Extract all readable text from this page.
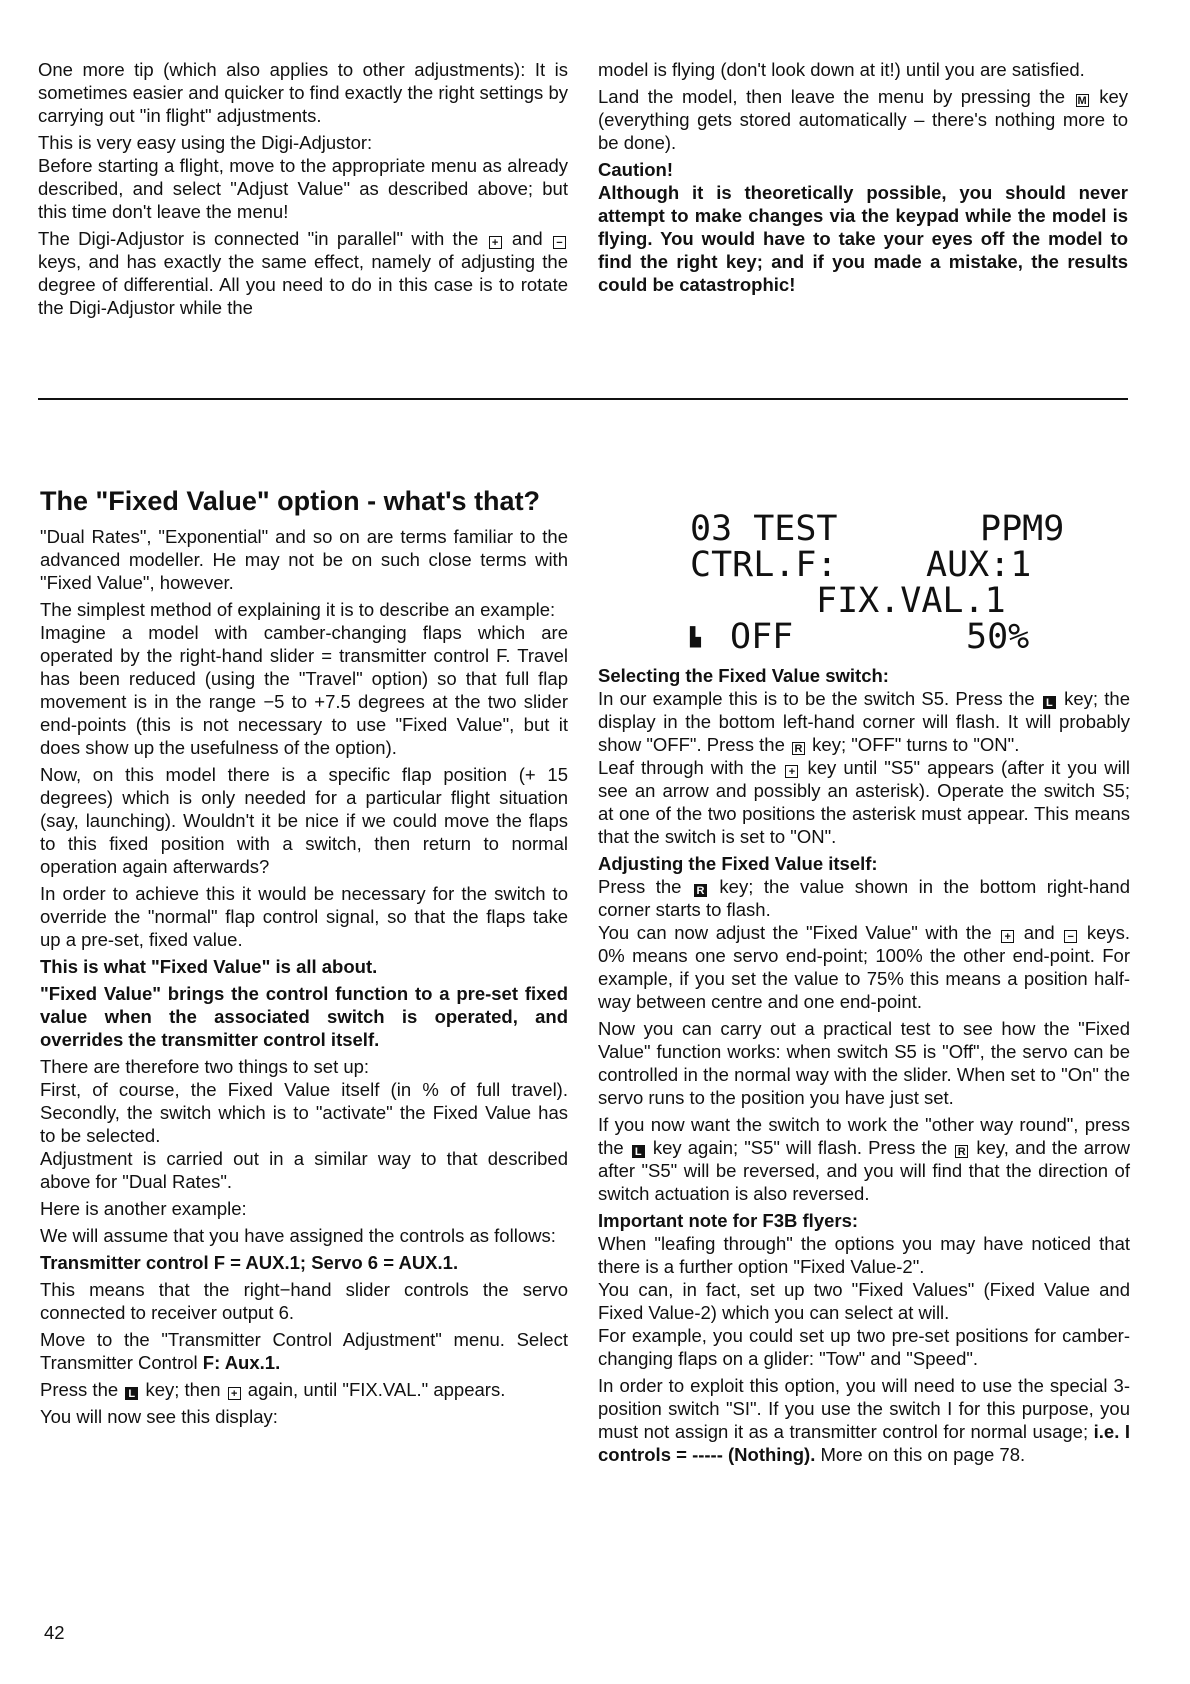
One more tip (which also applies to other adjustments): It is sometimes easier and quicker to find exactly the right settings by carrying out "in flight" adjustments.

This is very easy using the Digi-Adjustor:

Before starting a flight, move to the appropriate menu as already described, and select "Adjust Value" as described above; but this time don't leave the menu!

The Digi-Adjustor is connected "in parallel" with the + and − keys, and has exactly the same effect, namely of adjusting the degree of differential. All you need to do in this case is to rotate the Digi-Adjustor while the

model is flying (don't look down at it!) until you are satisfied.

Land the model, then leave the menu by pressing the M key (everything gets stored automatically – there's nothing more to be done).

Caution!

Although it is theoretically possible, you should never attempt to make changes via the keypad while the model is flying. You would have to take your eyes off the model to find the right key; and if you made a mistake, the results could be catastrophic!

The "Fixed Value" option - what's that?

"Dual Rates", "Exponential" and so on are terms familiar to the advanced modeller. He may not be on such close terms with "Fixed Value", however.

The simplest method of explaining it is to describe an example:

Imagine a model with camber-changing flaps which are operated by the right-hand slider = transmitter control F. Travel has been reduced (using the "Travel" option) so that full flap movement is in the range −5 to +7.5 degrees at the two slider end-points (this is not necessary to use "Fixed Value", but it does show up the usefulness of the option).

Now, on this model there is a specific flap position (+ 15 degrees) which is only needed for a particular flight situation (say, launching). Wouldn't it be nice if we could move the flaps to this fixed position with a switch, then return to normal operation again afterwards?

In order to achieve this it would be necessary for the switch to override the "normal" flap control signal, so that the flaps take up a pre-set, fixed value.

This is what "Fixed Value" is all about.

"Fixed Value" brings the control function to a pre-set fixed value when the associated switch is operated, and overrides the transmitter control itself.

There are therefore two things to set up:

First, of course, the Fixed Value itself (in % of full travel). Secondly, the switch which is to "activate" the Fixed Value has to be selected.

Adjustment is carried out in a similar way to that described above for "Dual Rates".

Here is another example:

We will assume that you have assigned the controls as follows:

Transmitter control F = AUX.1; Servo 6 = AUX.1.

This means that the right−hand slider controls the servo connected to receiver output 6.

Move to the "Transmitter Control Adjustment" menu. Select Transmitter Control F: Aux.1.

Press the L key; then + again, until "FIX.VAL." appears.

You will now see this display:

03 TEST	PPM9
CTRL.F:	AUX:1
FIX.VAL.1
▙ OFF	50%

Selecting the Fixed Value switch:

In our example this is to be the switch S5. Press the L key; the display in the bottom left-hand corner will flash. It will probably show "OFF". Press the R key; "OFF" turns to "ON".

Leaf through with the + key until "S5" appears (after it you will see an arrow and possibly an asterisk). Operate the switch S5; at one of the two positions the asterisk must appear. This means that the switch is set to "ON".

Adjusting the Fixed Value itself:

Press the R key; the value shown in the bottom right-hand corner starts to flash.

You can now adjust the "Fixed Value" with the + and − keys. 0% means one servo end-point; 100% the other end-point. For example, if you set the value to 75% this means a position half-way between centre and one end-point.

Now you can carry out a practical test to see how the "Fixed Value" function works: when switch S5 is "Off", the servo can be controlled in the normal way with the slider. When set to "On" the servo runs to the position you have just set.

If you now want the switch to work the "other way round", press the L key again; "S5" will flash. Press the R key, and the arrow after "S5" will be reversed, and you will find that the direction of switch actuation is also reversed.

Important note for F3B flyers:

When "leafing through" the options you may have noticed that there is a further option "Fixed Value-2".

You can, in fact, set up two "Fixed Values" (Fixed Value and Fixed Value-2) which you can select at will.

For example, you could set up two pre-set positions for camber-changing flaps on a glider: "Tow" and "Speed".

In order to exploit this option, you will need to use the special 3-position switch "SI". If you use the switch I for this purpose, you must not assign it as a transmitter control for normal usage; i.e. I controls = ----- (Nothing). More on this on page 78.

42
